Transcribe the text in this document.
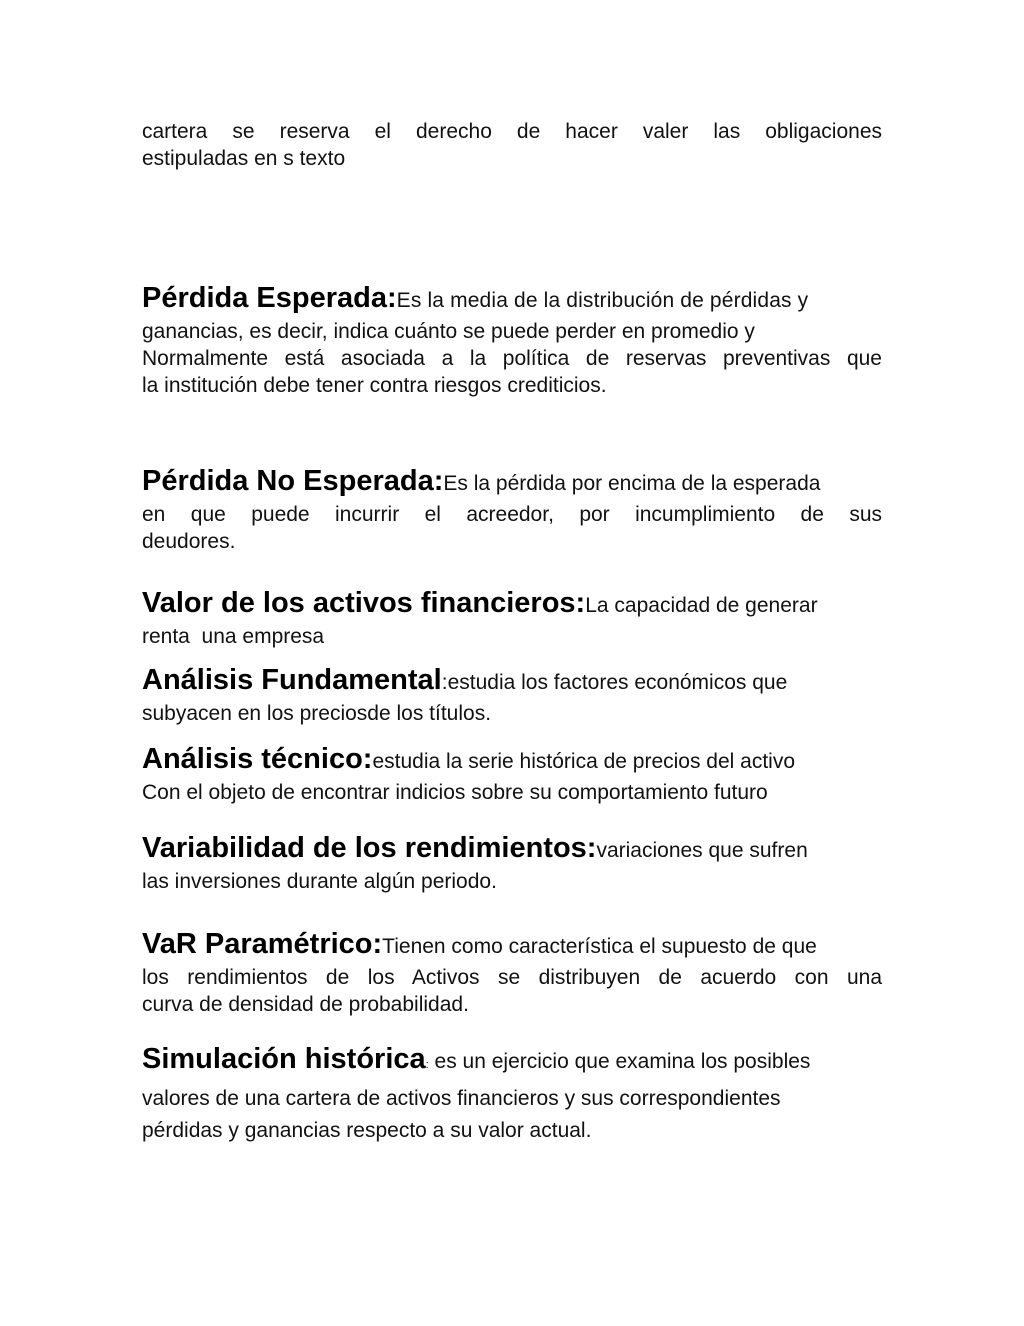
cartera se reserva el derecho de hacer valer las obligaciones
estipuladas en s texto
Pérdida Esperada:Es la media de la distribución de pérdidas y
ganancias, es decir, indica cuánto se puede perder en promedio y
Normalmente está asociada a la política de reservas preventivas que
la institución debe tener contra riesgos crediticios.
Pérdida No Esperada:Es la pérdida por encima de la esperada
en que puede incurrir el acreedor, por incumplimiento de sus
deudores.
Valor de los activos financieros:La capacidad de generar
renta  una empresa
Análisis Fundamental:estudia los factores económicos que
subyacen en los preciosde los títulos.
Análisis técnico:estudia la serie histórica de precios del activo
Con el objeto de encontrar indicios sobre su comportamiento futuro
Variabilidad de los rendimientos:variaciones que sufren
las inversiones durante algún periodo.
VaR Paramétrico:Tienen como característica el supuesto de que
los rendimientos de los Activos se distribuyen de acuerdo con una
curva de densidad de probabilidad.
Simulación histórica: es un ejercicio que examina los posibles
valores de una cartera de activos financieros y sus correspondientes
pérdidas y ganancias respecto a su valor actual.
